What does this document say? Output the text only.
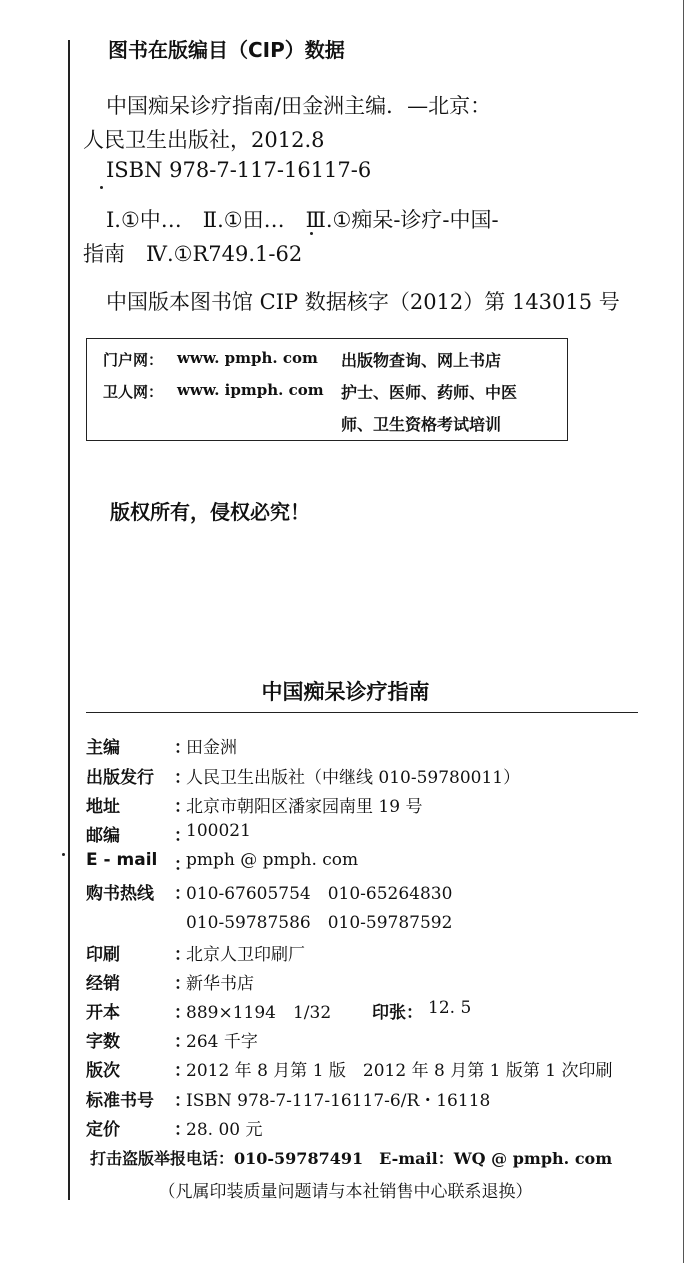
图书在版编目（CIP）数据
中国痴呆诊疗指南/田金洲主编．—北京：
人民卫生出版社，2012.8
ISBN 978-7-117-16117-6
Ⅰ.①中…　Ⅱ.①田…　Ⅲ.①痴呆-诊疗-中国-
指南　Ⅳ.①R749.1-62
中国版本图书馆 CIP 数据核字（2012）第 143015 号
门户网： www. pmph. com 出版物查询、网上书店
卫人网： www. ipmph. com 护士、医师、药师、中医
师、卫生资格考试培训
版权所有，侵权必究！
中国痴呆诊疗指南
主编	：
田金洲
出版发行	：
人民卫生出版社（中继线 010-59780011）
地址	：
北京市朝阳区潘家园南里 19 号
邮编	：
100021
E - mail ：
pmph @ pmph. com
购书热线	：
010-67605754　010-65264830
010-59787586　010-59787592
印刷	：
北京人卫印刷厂
经销	：
新华书店
开本	：
889×1194　1/32 印张： 12. 5
字数	：
264 千字
版次	：
2012 年 8 月第 1 版　2012 年 8 月第 1 版第 1 次印刷
标准书号	：
ISBN 978-7-117-16117-6/R・16118
定价	：
28. 00 元
打击盗版举报电话：010-59787491　E-mail：WQ @ pmph. com
（凡属印装质量问题请与本社销售中心联系退换）
